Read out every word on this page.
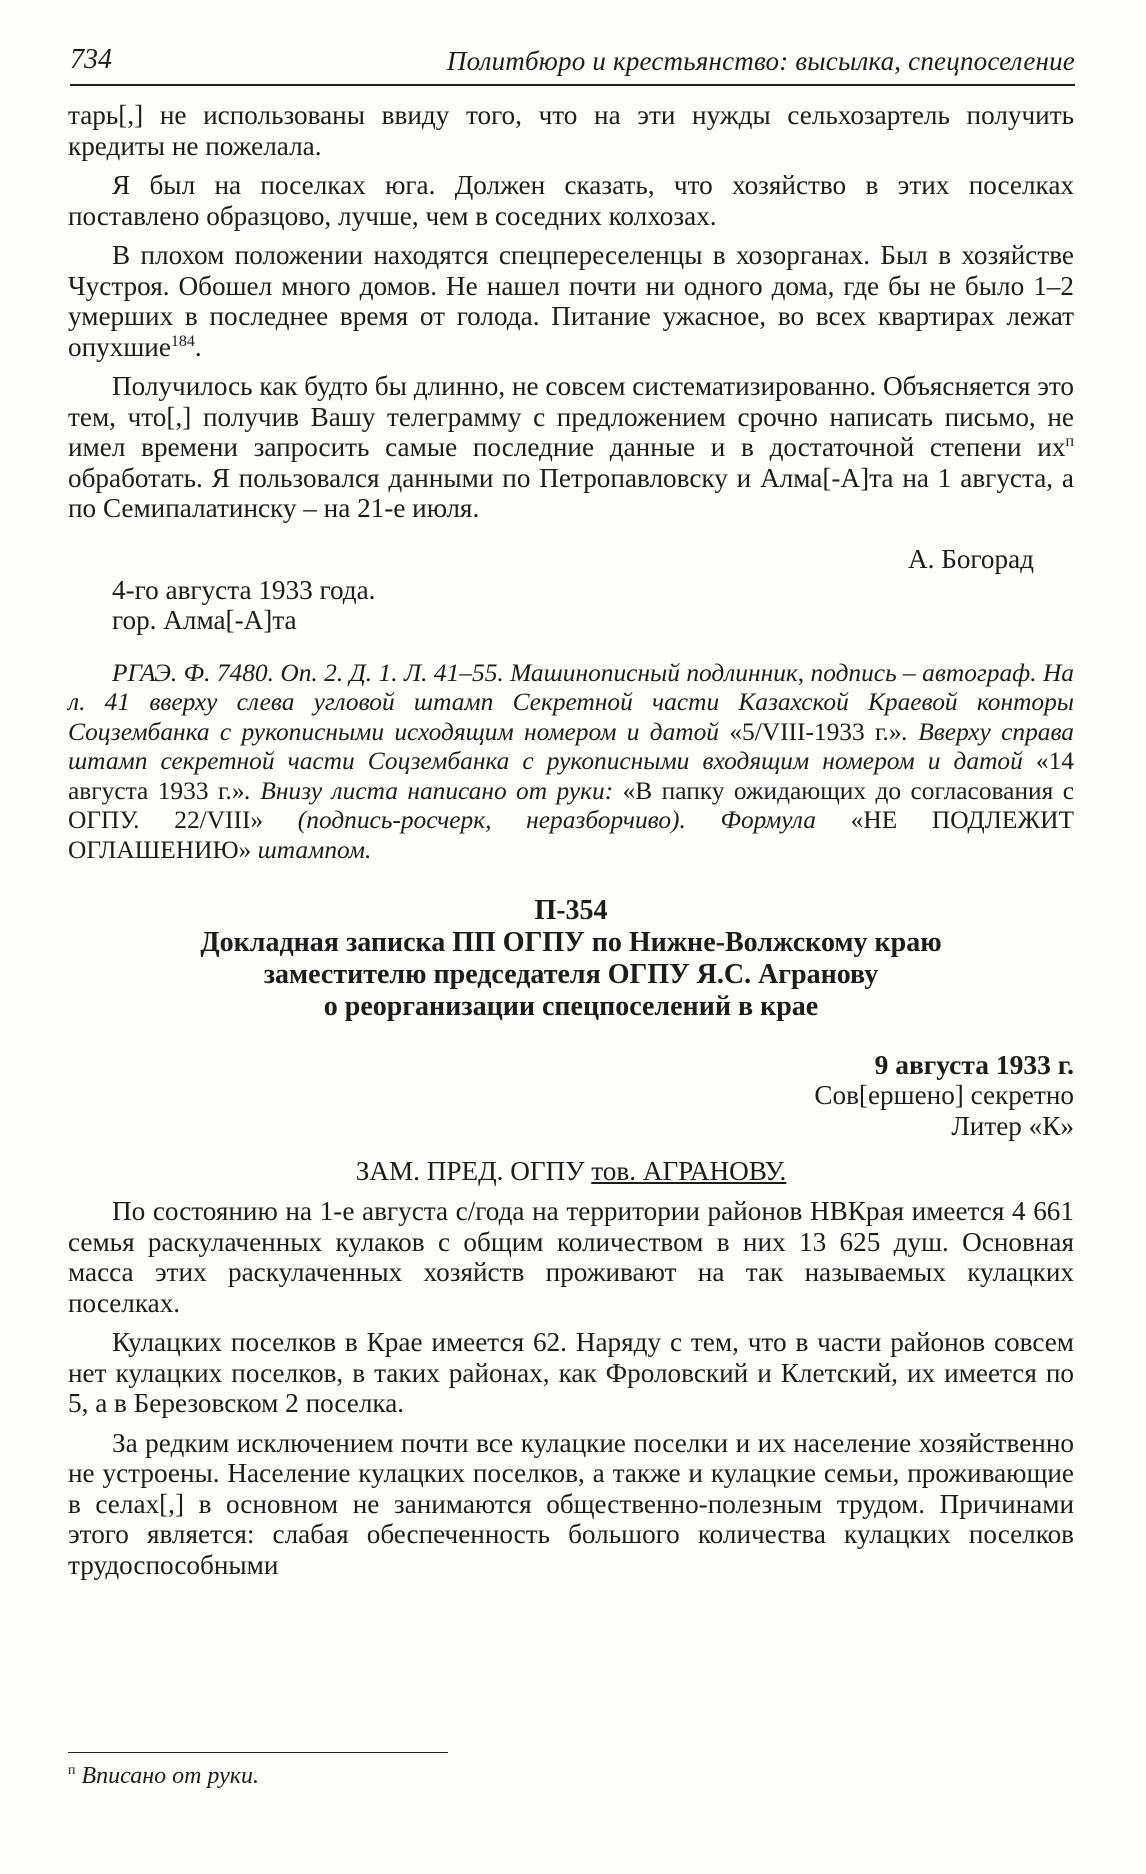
734	Политбюро и крестьянство: высылка, спецпоселение

тарь[,] не использованы ввиду того, что на эти нужды сельхозартель получить кредиты не пожелала.

Я был на поселках юга. Должен сказать, что хозяйство в этих поселках поставлено образцово, лучше, чем в соседних колхозах.

В плохом положении находятся спецпереселенцы в хозорганах. Был в хозяйстве Чустроя. Обошел много домов. Не нашел почти ни одного дома, где бы не было 1–2 умерших в последнее время от голода. Питание ужасное, во всех квартирах лежат опухшие$^{184}$.

Получилось как будто бы длинно, не совсем систематизированно. Объясняется это тем, что[,] получив Вашу телеграмму с предложением срочно написать письмо, не имел времени запросить самые последние данные и в достаточной степени $их^п$ обработать. Я пользовался данными по Петропавловску и Алма[-А]та на 1 августа, а по Семипалатинску – на 21-е июля.

А. Богорад
4-го августа 1933 года.
гор. Алма[-А]та
РГАЭ. Ф. 7480. Оп. 2. Д. 1. Л. 41–55. Машинописный подлинник, подпись – автограф. На л. 41 вверху слева угловой штамп Секретной части Казахской Краевой конторы Соцзембанка с рукописными исходящим номером и датой «5/VIII-1933 г.». Вверху справа штамп секретной части Соцзембанка с рукописными входящим номером и датой «14 августа 1933 г.». Внизу листа написано от руки: «В папку ожидающих до согласования с ОГПУ. 22/VIII» (подпись-росчерк, неразборчиво). Формула «НЕ ПОДЛЕЖИТ ОГЛАШЕНИЮ» штампом.
П-354
Докладная записка ПП ОГПУ по Нижне-Волжскому краю
заместителю председателя ОГПУ Я.С. Агранову
о реорганизации спецпоселений в крае
9 августа 1933 г.
Сов[ершено] секретно
Литер «К»
ЗАМ. ПРЕД. ОГПУ тов. АГРАНОВУ.

По состоянию на 1-е августа с/года на территории районов НВКрая имеется 4 661 семья раскулаченных кулаков с общим количеством в них 13 625 душ. Основная масса этих раскулаченных хозяйств проживают на так называемых кулацких поселках.

Кулацких поселков в Крае имеется 62. Наряду с тем, что в части районов совсем нет кулацких поселков, в таких районах, как Фроловский и Клетский, их имеется по 5, а в Березовском 2 поселка.

За редким исключением почти все кулацкие поселки и их население хозяйственно не устроены. Население кулацких поселков, а также и кулацкие семьи, проживающие в селах[,] в основном не занимаются общественно-полезным трудом. Причинами этого является: слабая обеспеченность большого количества кулацких поселков трудоспособными

$^п$ Вписано от руки.
